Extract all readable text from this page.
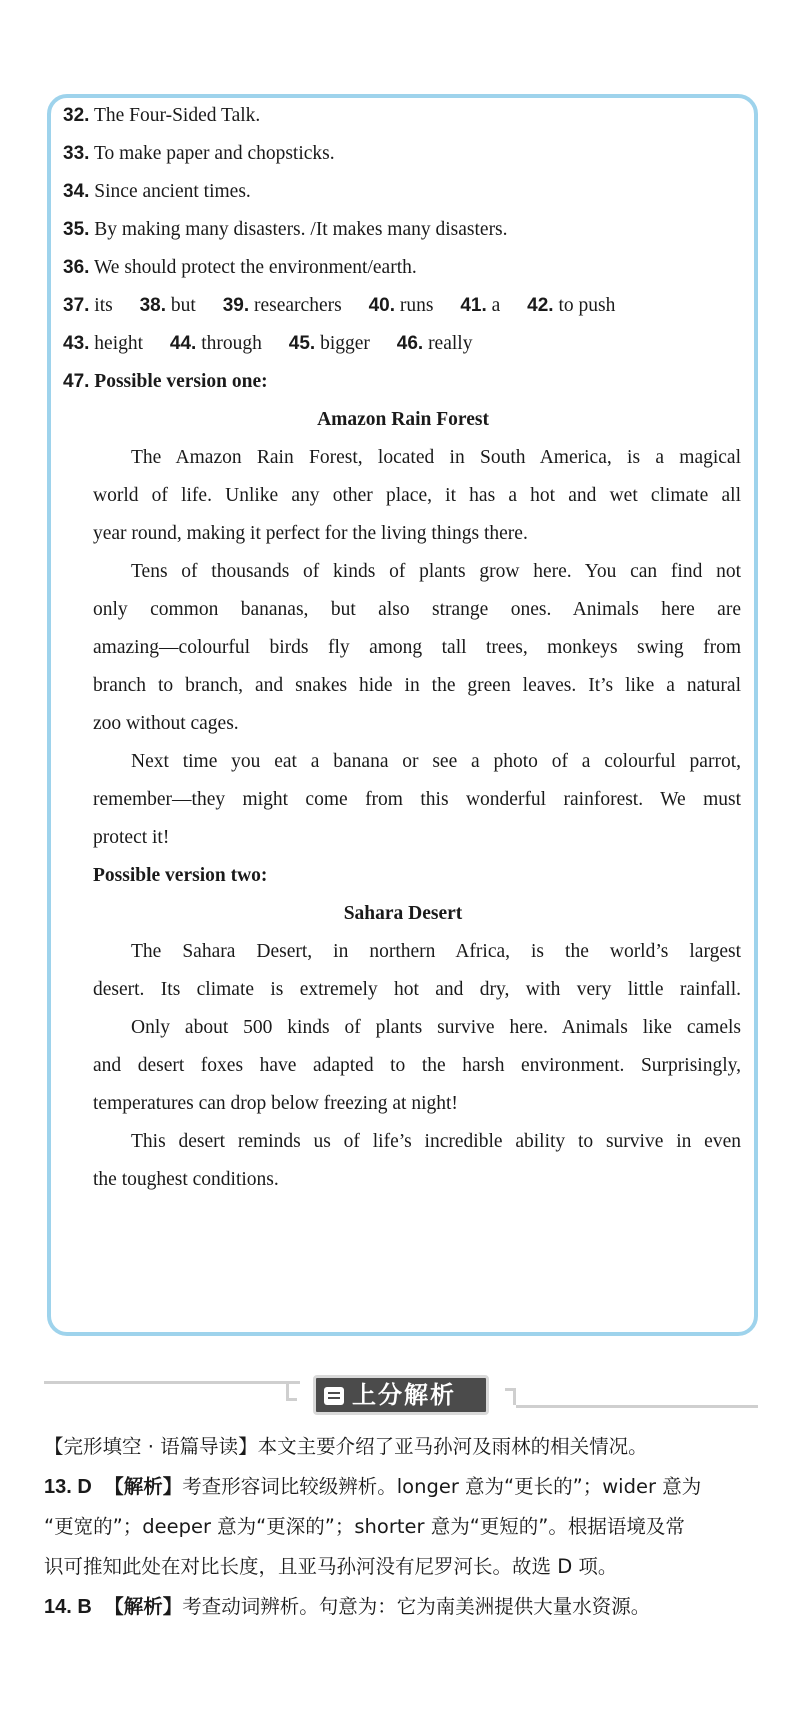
32. The Four-Sided Talk.
33. To make paper and chopsticks.
34. Since ancient times.
35. By making many disasters. /It makes many disasters.
36. We should protect the environment/earth.
37. its 38. but 39. researchers 40. runs 41. a 42. to push
43. height 44. through 45. bigger 46. really
47. Possible version one:
Amazon Rain Forest
The Amazon Rain Forest, located in South America, is a magical
world of life. Unlike any other place, it has a hot and wet climate all
year round, making it perfect for the living things there.
Tens of thousands of kinds of plants grow here. You can find not
only common bananas, but also strange ones. Animals here are
amazing—colourful birds fly among tall trees, monkeys swing from
branch to branch, and snakes hide in the green leaves. It’s like a natural
zoo without cages.
Next time you eat a banana or see a photo of a colourful parrot,
remember—they might come from this wonderful rainforest. We must
protect it!
Possible version two:
Sahara Desert
The Sahara Desert, in northern Africa, is the world’s largest
desert. Its climate is extremely hot and dry, with very little rainfall.
Only about 500 kinds of plants survive here. Animals like camels
and desert foxes have adapted to the harsh environment. Surprisingly,
temperatures can drop below freezing at night!
This desert reminds us of life’s incredible ability to survive in even
the toughest conditions.
上分解析
【完形填空 · 语篇导读】本文主要介绍了亚马孙河及雨林的相关情况。
13. D 【解析】考查形容词比较级辨析。longer 意为“更长的”；wider 意为
“更宽的”；deeper 意为“更深的”；shorter 意为“更短的”。根据语境及常
识可推知此处在对比长度，且亚马孙河没有尼罗河长。故选 D 项。
14. B 【解析】考查动词辨析。句意为：它为南美洲提供大量水资源。
